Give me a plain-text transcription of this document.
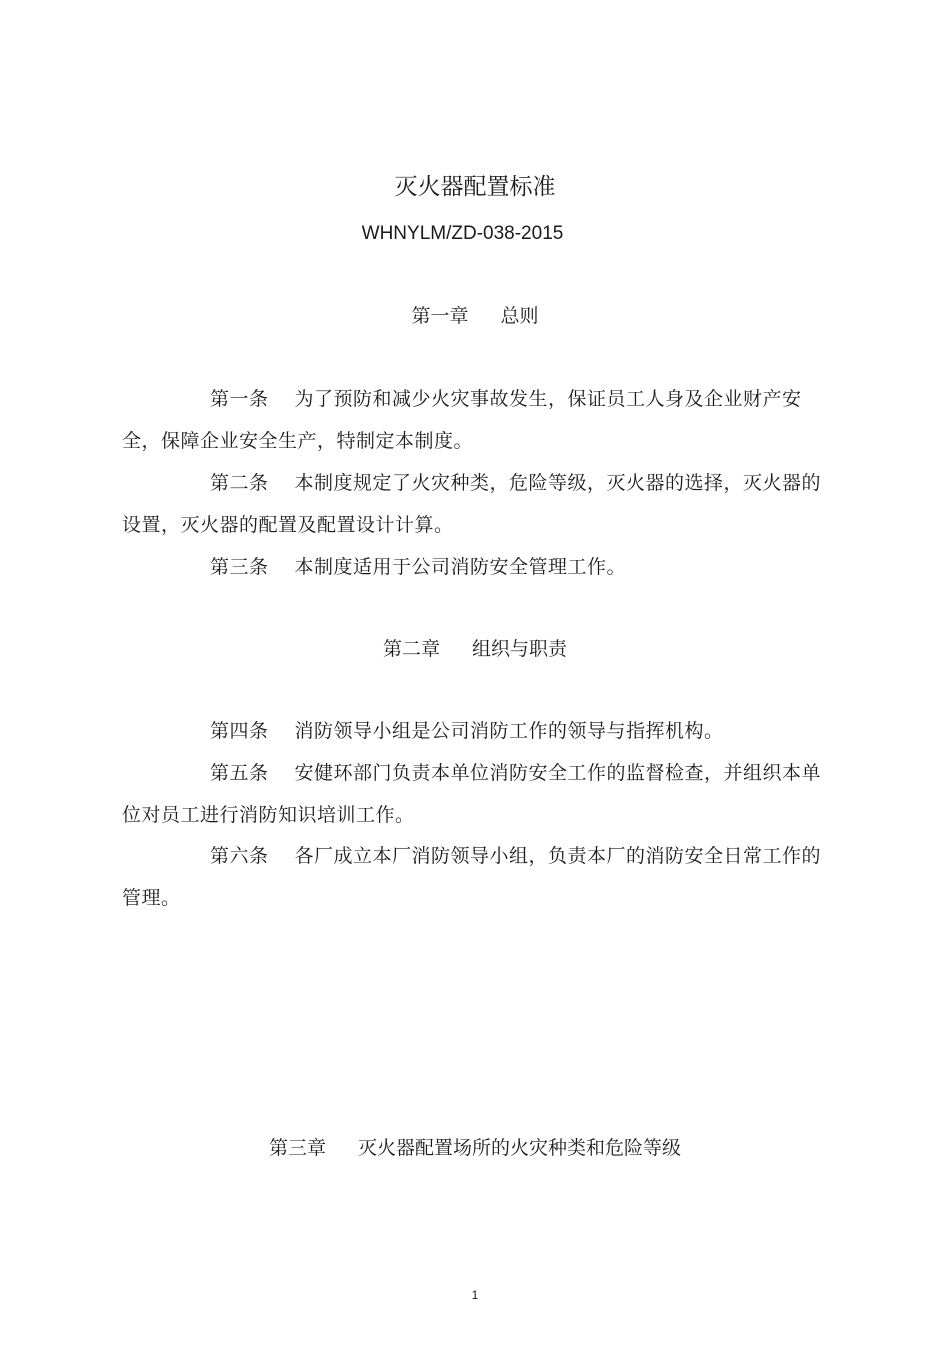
灭火器配置标准
WHNYLM/ZD-038-2015
第一章 总则

第一条 为了预防和减少火灾事故发生，保证员工人身及企业财产安全，保障企业安全生产，特制定本制度。

第二条 本制度规定了火灾种类，危险等级，灭火器的选择，灭火器的设置，灭火器的配置及配置设计计算。

第三条 本制度适用于公司消防安全管理工作。

第二章 组织与职责

第四条 消防领导小组是公司消防工作的领导与指挥机构。

第五条 安健环部门负责本单位消防安全工作的监督检查，并组织本单位对员工进行消防知识培训工作。

第六条 各厂成立本厂消防领导小组，负责本厂的消防安全日常工作的管理。

第三章 灭火器配置场所的火灾种类和危险等级
1
